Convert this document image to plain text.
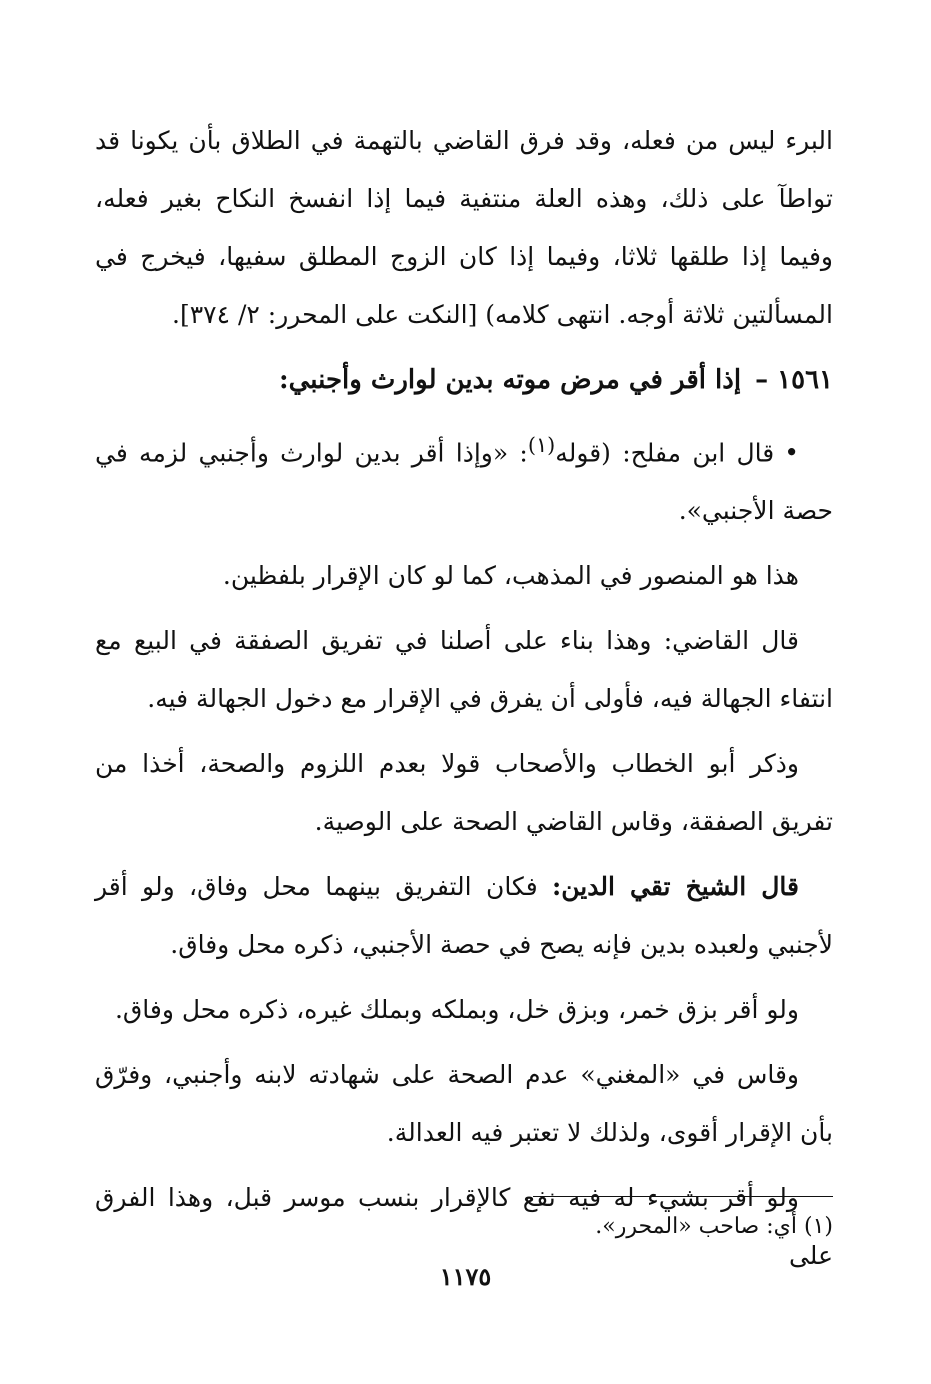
البرء ليس من فعله، وقد فرق القاضي بالتهمة في الطلاق بأن يكونا قد تواطآ على ذلك، وهذه العلة منتفية فيما إذا انفسخ النكاح بغير فعله، وفيما إذا طلقها ثلاثا، وفيما إذا كان الزوج المطلق سفيها، فيخرج في المسألتين ثلاثة أوجه. انتهى كلامه) [النكت على المحرر: ٢/ ٣٧٤].

١٥٦١ –إذا أقر في مرض موته بدين لوارث وأجنبي:

•قال ابن مفلح: (قوله$^{(١)}$: «وإذا أقر بدين لوارث وأجنبي لزمه في حصة الأجنبي».

هذا هو المنصور في المذهب، كما لو كان الإقرار بلفظين.

قال القاضي: وهذا بناء على أصلنا في تفريق الصفقة في البيع مع انتفاء الجهالة فيه، فأولى أن يفرق في الإقرار مع دخول الجهالة فيه.

وذكر أبو الخطاب والأصحاب قولا بعدم اللزوم والصحة، أخذا من تفريق الصفقة، وقاس القاضي الصحة على الوصية.

قال الشيخ تقي الدين: فكان التفريق بينهما محل وفاق، ولو أقر لأجنبي ولعبده بدين فإنه يصح في حصة الأجنبي، ذكره محل وفاق.

ولو أقر بزق خمر، وبزق خل، وبملكه وبملك غيره، ذكره محل وفاق.

وقاس في «المغني» عدم الصحة على شهادته لابنه وأجنبي، وفرّق بأن الإقرار أقوى، ولذلك لا تعتبر فيه العدالة.

ولو أقر بشيء له فيه نفع كالإقرار بنسب موسر قبل، وهذا الفرق على

(١) أي: صاحب «المحرر».
١١٧٥
